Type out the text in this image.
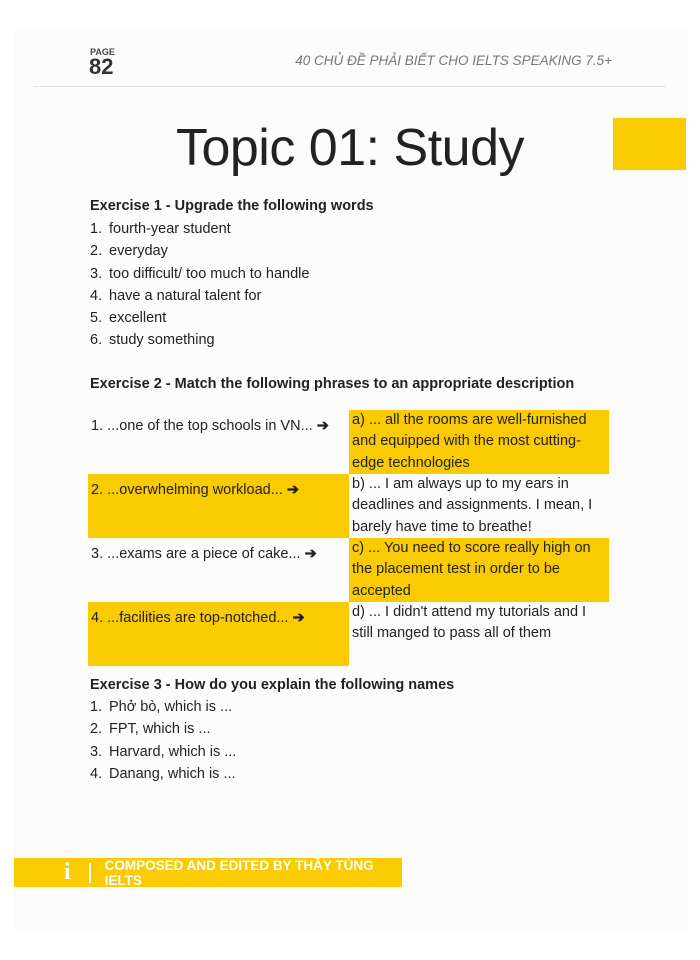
PAGE
82	40 CHỦ ĐỀ PHẢI BIẾT CHO IELTS SPEAKING 7.5+
Topic 01: Study
Exercise 1 - Upgrade the following words
1. fourth-year student
2. everyday
3. too difficult/ too much to handle
4. have a natural talent for
5. excellent
6. study something
Exercise 2 - Match the following phrases to an appropriate description
1. ...one of the top schools in VN... ➔	a) ... all the rooms are well-furnished and equipped with the most cutting-edge technologies
2. ...overwhelming workload... ➔	b) ... I am always up to my ears in deadlines and assignments. I mean, I barely have time to breathe!
3. ...exams are a piece of cake... ➔	c) ... You need to score really high on the placement test in order to be accepted
4. ...facilities are top-notched... ➔	d) ... I didn't attend my tutorials and I still manged to pass all of them
Exercise 3 - How do you explain the following names
1. Phở bò, which is ...
2. FPT, which is ...
3. Harvard, which is ...
4. Danang, which is ...
i	COMPOSED AND EDITED BY THẦY TÙNG IELTS
